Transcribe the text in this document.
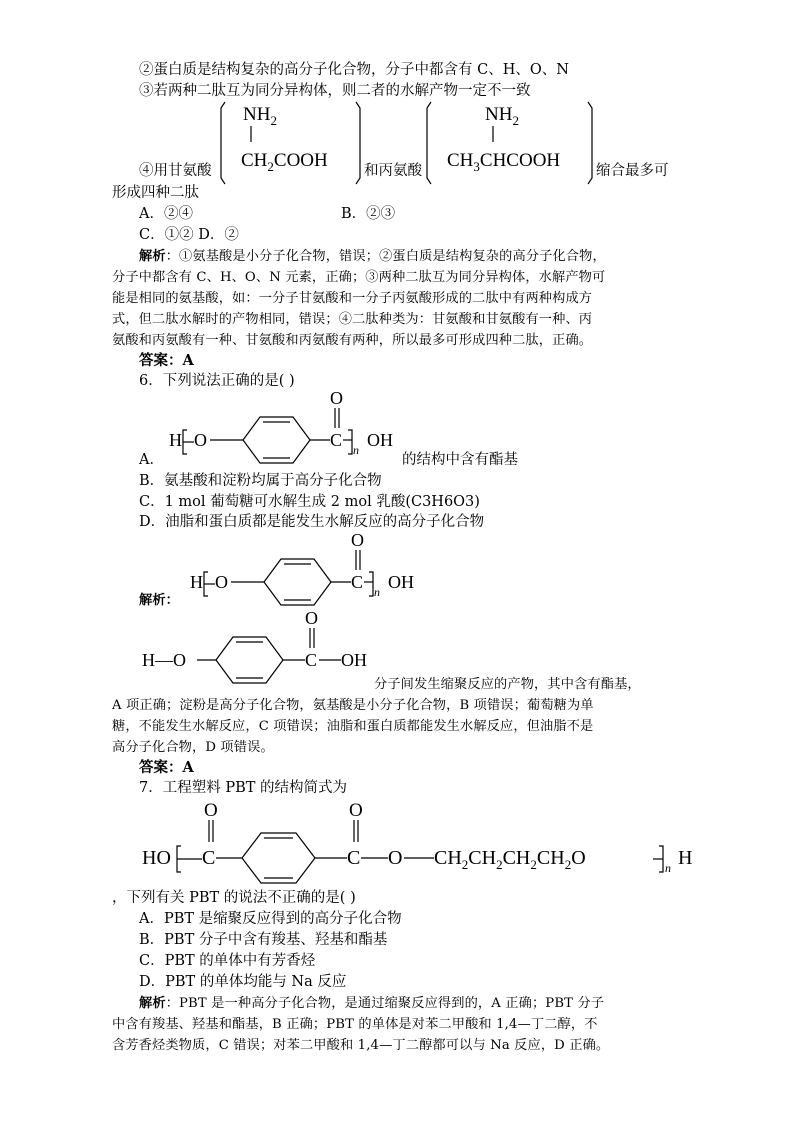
②蛋白质是结构复杂的高分子化合物，分子中都含有 C、H、O、N
③若两种二肽互为同分异构体，则二者的水解产物一定不一致
④用甘氨酸
$NH_2$
$CH_2COOH$	和丙氨酸
$NH_2$
$CH_3CHCOOH$ 缩合最多可
形成四种二肽
A．②④	B．②③
C．①② D．②
解析：①氨基酸是小分子化合物，错误；②蛋白质是结构复杂的高分子化合物，
分子中都含有 C、H、O、N 元素，正确；③两种二肽互为同分异构体，水解产物可
能是相同的氨基酸，如：一分子甘氨酸和一分子丙氨酸形成的二肽中有两种构成方
式，但二肽水解时的产物相同，错误；④二肽种类为：甘氨酸和甘氨酸有一种、丙
氨酸和丙氨酸有一种、甘氨酸和丙氨酸有两种，所以最多可形成四种二肽，正确。
答案：A
6．下列说法正确的是( )
O
H O	C n OH
A．	的结构中含有酯基
B．氨基酸和淀粉均属于高分子化合物
C．1 mol 葡萄糖可水解生成 2 mol 乳酸(C3H6O3)
D．油脂和蛋白质都是能发生水解反应的高分子化合物
解析：
O
H O	C n OH
O
H—O	C OH
分子间发生缩聚反应的产物，其中含有酯基，
A 项正确；淀粉是高分子化合物，氨基酸是小分子化合物，B 项错误；葡萄糖为单
糖，不能发生水解反应，C 项错误；油脂和蛋白质都能发生水解反应，但油脂不是
高分子化合物，D 项错误。
答案：A
7．工程塑料 PBT 的结构简式为
O	O
HO C	C O $CH_2CH_2CH_2CH_2O$	n H
，下列有关 PBT 的说法不正确的是( )
A．PBT 是缩聚反应得到的高分子化合物
B．PBT 分子中含有羧基、羟基和酯基
C．PBT 的单体中有芳香烃
D．PBT 的单体均能与 Na 反应
解析：PBT 是一种高分子化合物，是通过缩聚反应得到的，A 正确；PBT 分子
中含有羧基、羟基和酯基，B 正确；PBT 的单体是对苯二甲酸和 1,4—丁二醇，不
含芳香烃类物质，C 错误；对苯二甲酸和 1,4—丁二醇都可以与 Na 反应，D 正确。
